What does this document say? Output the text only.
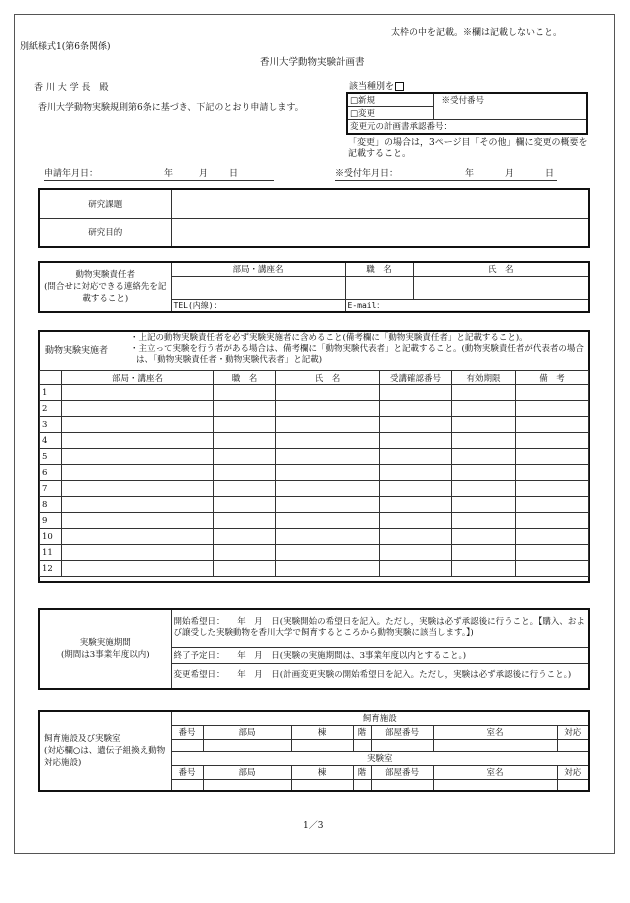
太枠の中を記載。※欄は記載しないこと。
別紙様式1(第6条関係)
香川大学動物実験計画書
香 川 大 学 長　殿
香川大学動物実験規則第6条に基づき、下記のとおり申請します。
該当種別を
□新規	※受付番号
□変更
変更元の計画書承認番号：
「変更」の場合は，3ページ目「その他」欄に変更の概要を記載すること。
申請年月日：	年	月 日	※受付年月日：	年	月	日
研究課題	
研究目的	
動物実験責任者
(問合せに対応できる連絡先を記載すること)	部局・講座名	職　名	氏　名

	TEL(内線)：	E-mail：	
動物実験実施者
・上記の動物実験責任者を必ず実験実施者に含めること(備考欄に「動物実験責任者」と記載すること)。
・主立って実験を行う者がある場合は、備考欄に「動物実験代表者」と記載すること。(動物実験責任者が代表者の場合は、「動物実験責任者・動物実験代表者」と記載)
	部局・講座名	職　名	氏　名	受講確認番号	有効期限	備　考
1						
2						
3						
4						
5						
6						
7						
8						
9						
10						
11						
12						
実験実施期間
(期間は3事業年度以内)	開始希望日：　　年　月　日(実験開始の希望日を記入。ただし，実験は必ず承認後に行うこと。【購入、および譲受した実験動物を香川大学で飼育するところから動物実験に該当します。】)
終了予定日：　　年　月　日(実験の実施期間は、3事業年度以内とすること。)
変更希望日：　　年　月　日(計画変更実験の開始希望日を記入。ただし，実験は必ず承認後に行うこと。)
飼育施設及び実験室
(対応欄○は、遺伝子組換え動物対応施設)	飼育施設						
	番号	部局	棟	階	部屋番号	室名	対応

	実験室						
	番号	部局	棟	階	部屋番号	室名	対応

1／3
